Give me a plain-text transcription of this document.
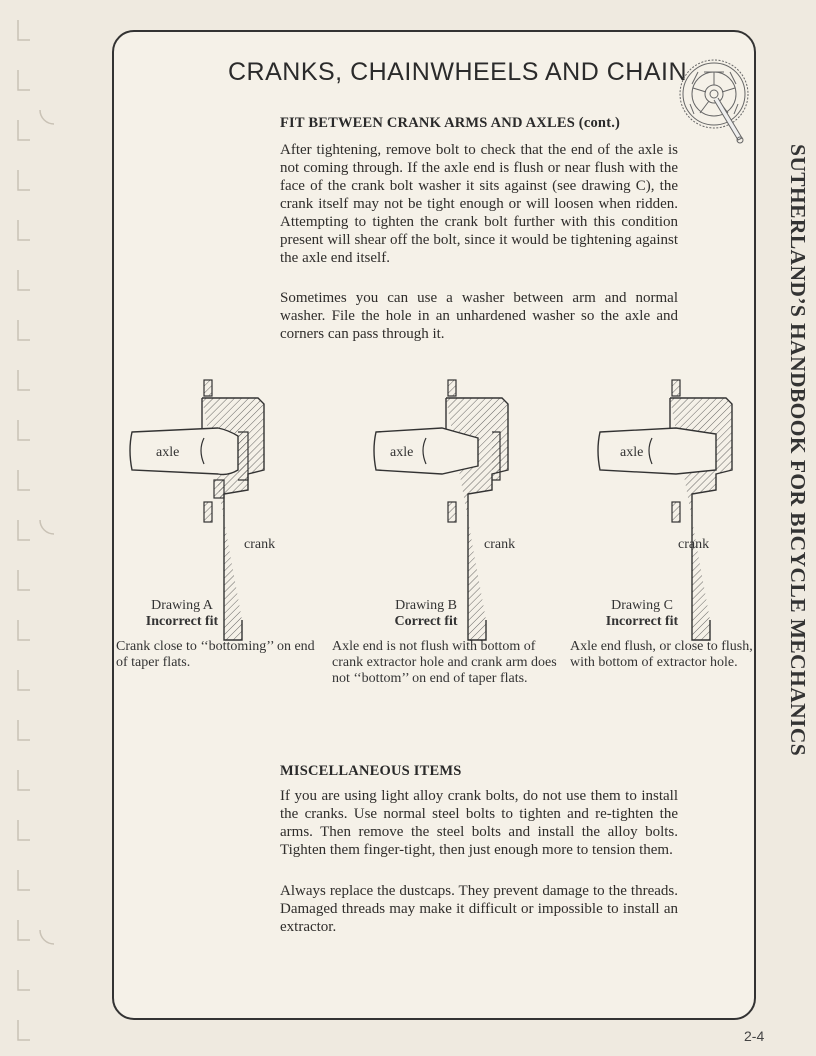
CRANKS, CHAINWHEELS AND CHAIN
SUTHERLAND’S HANDBOOK FOR BICYCLE MECHANICS
FIT BETWEEN CRANK ARMS AND AXLES (cont.)

After tightening, remove bolt to check that the end of the axle is not coming through. If the axle end is flush or near flush with the face of the crank bolt washer it sits against (see drawing C), the crank itself may not be tight enough or will loosen when ridden. Attempting to tighten the crank bolt further with this condition present will shear off the bolt, since it would be tightening against the axle end itself.

Sometimes you can use a washer between arm and normal washer. File the hole in an unhardened washer so the axle and corners can pass through it.

axle
crank
axle
crank
axle
crank
Drawing A
Incorrect fit
Drawing B
Correct fit
Drawing C
Incorrect fit

Crank close to ‘‘bottoming’’ on end of taper flats.

Axle end is not flush with bottom of crank extractor hole and crank arm does not ‘‘bottom’’ on end of taper flats.

Axle end flush, or close to flush, with bottom of extractor hole.

MISCELLANEOUS ITEMS

If you are using light alloy crank bolts, do not use them to install the cranks. Use normal steel bolts to tighten and re-tighten the arms. Then remove the steel bolts and install the alloy bolts. Tighten them finger-tight, then just enough more to tension them.

Always replace the dustcaps. They prevent damage to the threads. Damaged threads may make it difficult or impossible to install an extractor.

2-4
